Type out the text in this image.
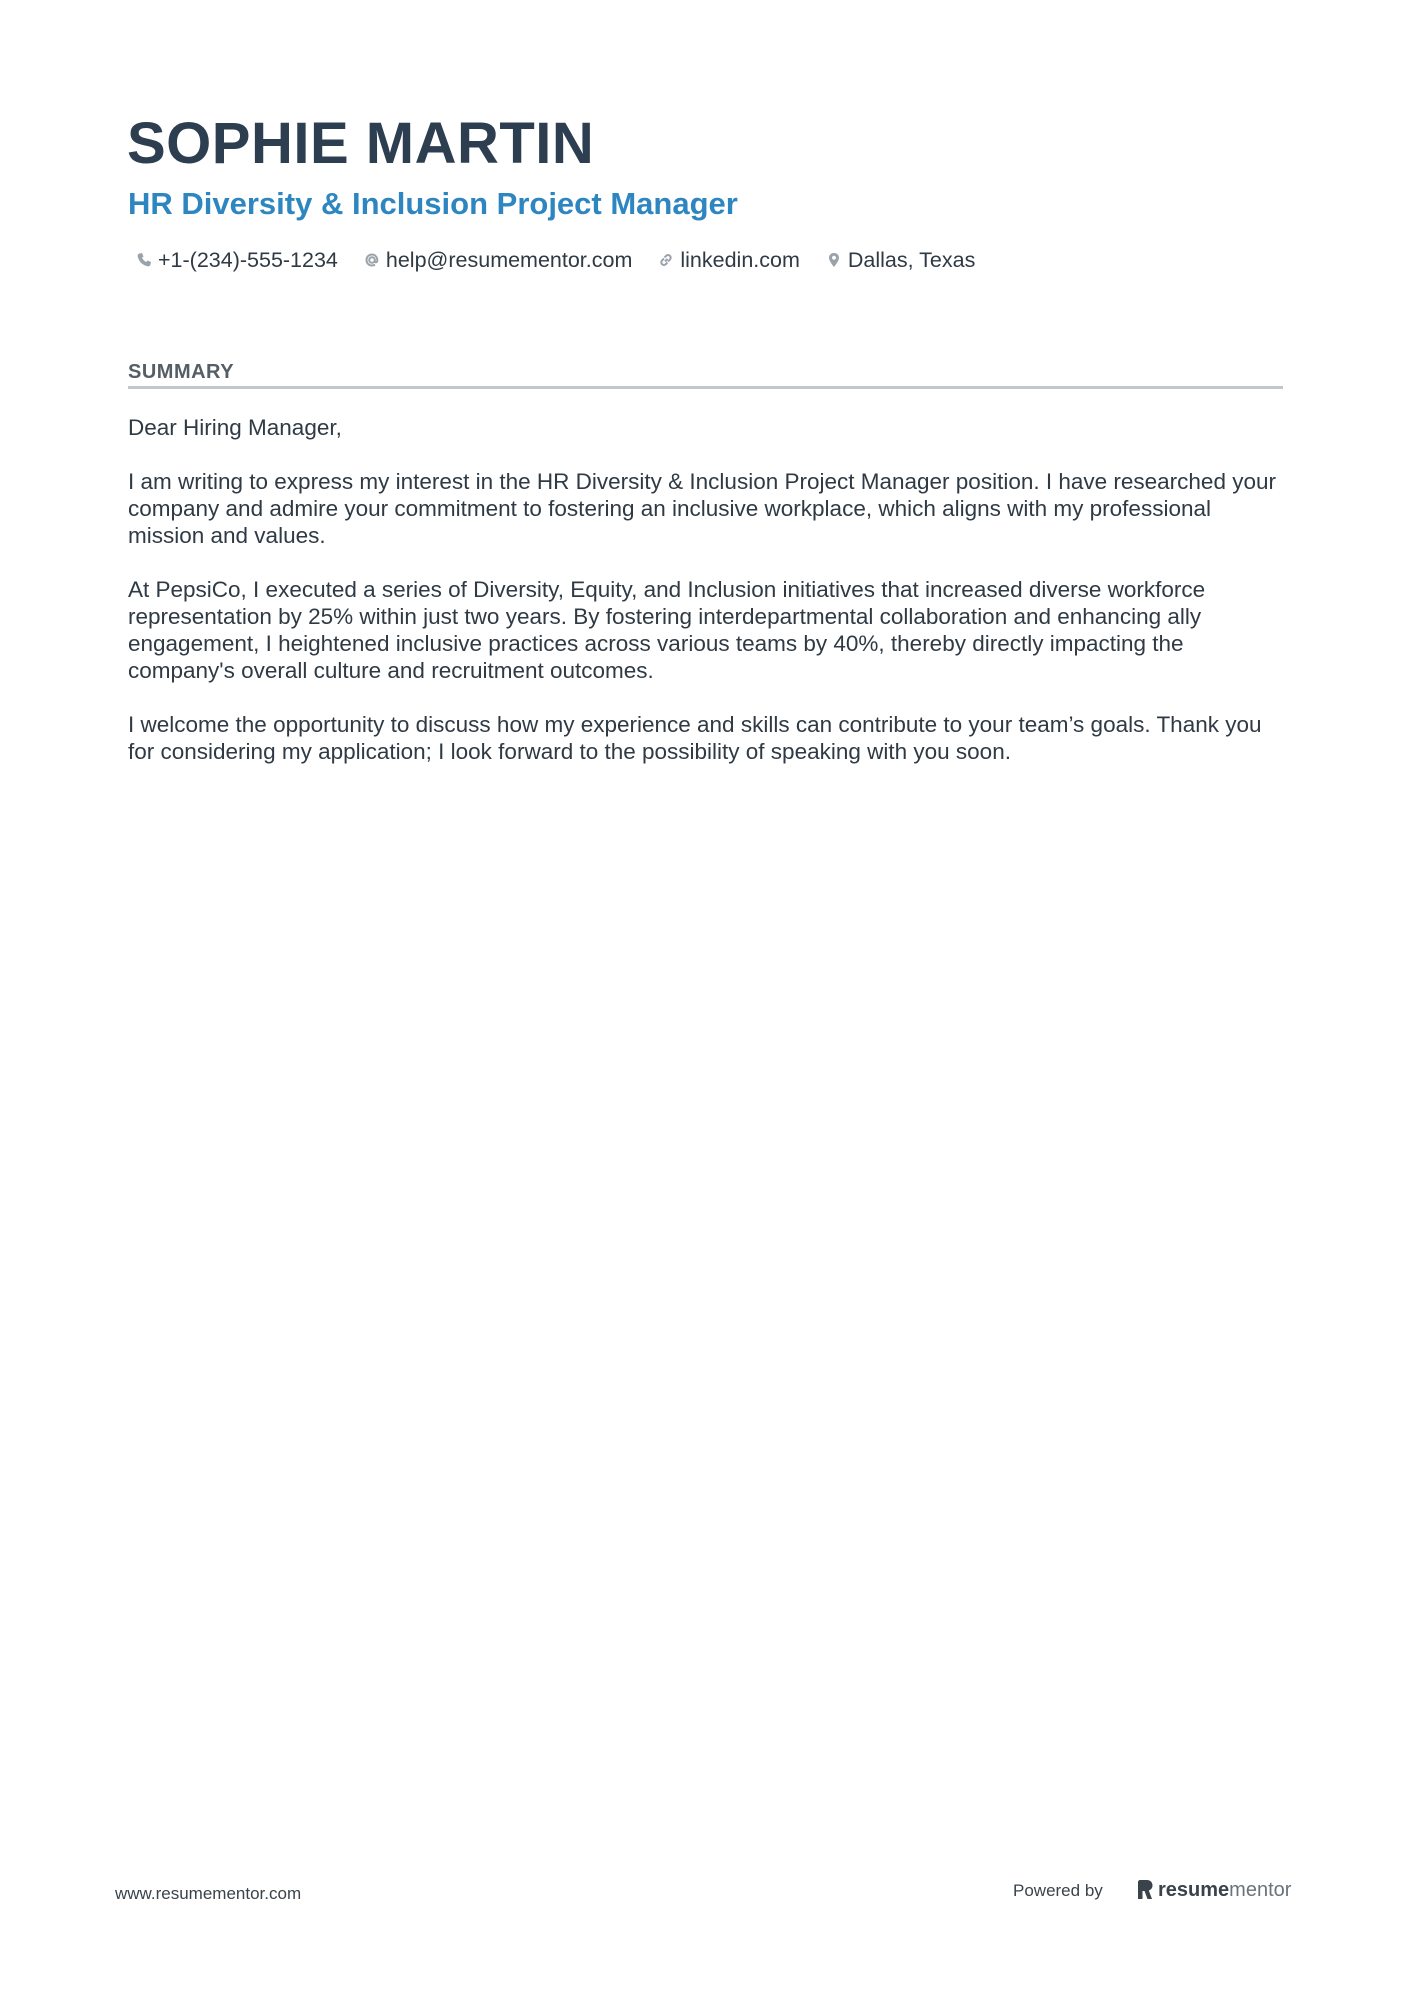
SOPHIE MARTIN
HR Diversity & Inclusion Project Manager
+1-(234)-555-1234 help@resumementor.com linkedin.com Dallas, Texas
SUMMARY

Dear Hiring Manager,

I am writing to express my interest in the HR Diversity & Inclusion Project Manager position. I have researched your company and admire your commitment to fostering an inclusive workplace, which aligns with my professional mission and values.

At PepsiCo, I executed a series of Diversity, Equity, and Inclusion initiatives that increased diverse workforce representation by 25% within just two years. By fostering interdepartmental collaboration and enhancing ally engagement, I heightened inclusive practices across various teams by 40%, thereby directly impacting the company's overall culture and recruitment outcomes.

I welcome the opportunity to discuss how my experience and skills can contribute to your team’s goals. Thank you for considering my application; I look forward to the possibility of speaking with you soon.

www.resumementor.com	Powered by	resume mentor
